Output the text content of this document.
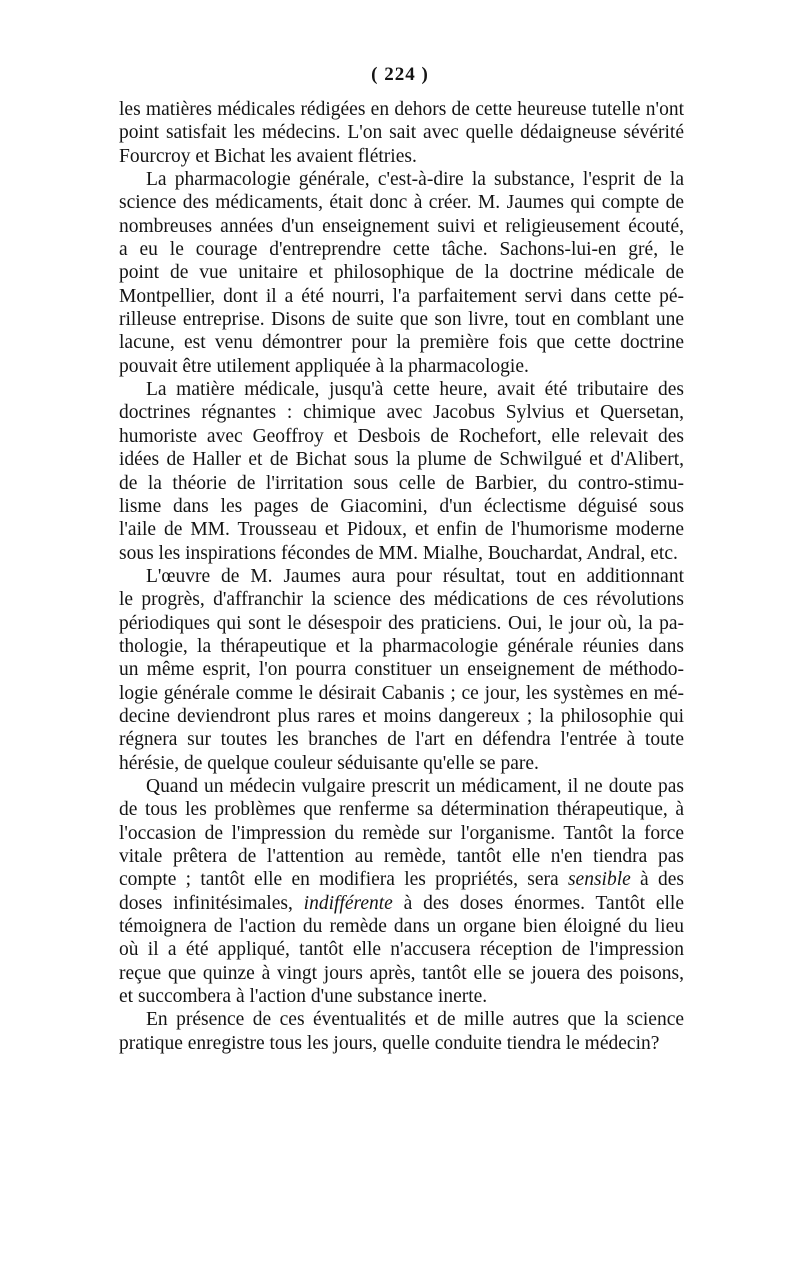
( 224 )
les matières médicales rédigées en dehors de cette heureuse tutelle n'ont
point satisfait les médecins. L'on sait avec quelle dédaigneuse sévérité
Fourcroy et Bichat les avaient flétries.
La pharmacologie générale, c'est-à-dire la substance, l'esprit de la
science des médicaments, était donc à créer. M. Jaumes qui compte de
nombreuses années d'un enseignement suivi et religieusement écouté,
a eu le courage d'entreprendre cette tâche. Sachons-lui-en gré, le
point de vue unitaire et philosophique de la doctrine médicale de
Montpellier, dont il a été nourri, l'a parfaitement servi dans cette pé-
rilleuse entreprise. Disons de suite que son livre, tout en comblant une
lacune, est venu démontrer pour la première fois que cette doctrine
pouvait être utilement appliquée à la pharmacologie.
La matière médicale, jusqu'à cette heure, avait été tributaire des
doctrines régnantes : chimique avec Jacobus Sylvius et Quersetan,
humoriste avec Geoffroy et Desbois de Rochefort, elle relevait des
idées de Haller et de Bichat sous la plume de Schwilgué et d'Alibert,
de la théorie de l'irritation sous celle de Barbier, du contro-stimu-
lisme dans les pages de Giacomini, d'un éclectisme déguisé sous
l'aile de MM. Trousseau et Pidoux, et enfin de l'humorisme moderne
sous les inspirations fécondes de MM. Mialhe, Bouchardat, Andral, etc.
L'œuvre de M. Jaumes aura pour résultat, tout en additionnant
le progrès, d'affranchir la science des médications de ces révolutions
périodiques qui sont le désespoir des praticiens. Oui, le jour où, la pa-
thologie, la thérapeutique et la pharmacologie générale réunies dans
un même esprit, l'on pourra constituer un enseignement de méthodo-
logie générale comme le désirait Cabanis ; ce jour, les systèmes en mé-
decine deviendront plus rares et moins dangereux ; la philosophie qui
régnera sur toutes les branches de l'art en défendra l'entrée à toute
hérésie, de quelque couleur séduisante qu'elle se pare.
Quand un médecin vulgaire prescrit un médicament, il ne doute pas
de tous les problèmes que renferme sa détermination thérapeutique, à
l'occasion de l'impression du remède sur l'organisme. Tantôt la force
vitale prêtera de l'attention au remède, tantôt elle n'en tiendra pas
compte ; tantôt elle en modifiera les propriétés, sera sensible à des
doses infinitésimales, indifférente à des doses énormes. Tantôt elle
témoignera de l'action du remède dans un organe bien éloigné du lieu
où il a été appliqué, tantôt elle n'accusera réception de l'impression
reçue que quinze à vingt jours après, tantôt elle se jouera des poisons,
et succombera à l'action d'une substance inerte.
En présence de ces éventualités et de mille autres que la science
pratique enregistre tous les jours, quelle conduite tiendra le médecin?
